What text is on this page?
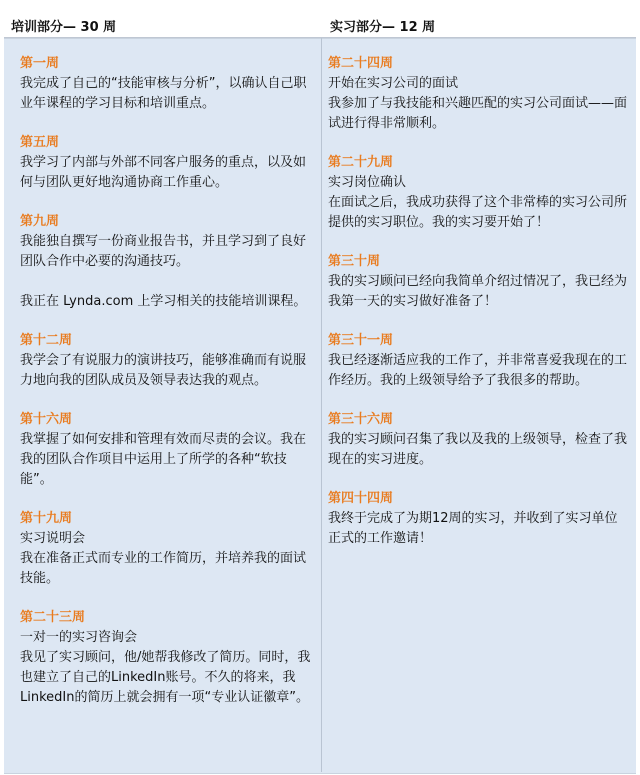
培训部分— 30 周	实习部分— 12 周
第一周
我完成了自己的“技能审核与分析”，以确认自己职业年课程的学习目标和培训重点。
第五周
我学习了内部与外部不同客户服务的重点，以及如何与团队更好地沟通协商工作重心。
第九周
我能独自撰写一份商业报告书，并且学习到了良好团队合作中必要的沟通技巧。
我正在 Lynda.com 上学习相关的技能培训课程。
第十二周
我学会了有说服力的演讲技巧，能够准确而有说服力地向我的团队成员及领导表达我的观点。
第十六周
我掌握了如何安排和管理有效而尽责的会议。我在我的团队合作项目中运用上了所学的各种“软技能”。
第十九周
实习说明会
我在准备正式而专业的工作简历，并培养我的面试技能。
第二十三周
一对一的实习咨询会
我见了实习顾问，他/她帮我修改了简历。同时，我也建立了自己的LinkedIn账号。不久的将来，我LinkedIn的简历上就会拥有一项“专业认证徽章”。
第二十四周
开始在实习公司的面试
我参加了与我技能和兴趣匹配的实习公司面试——面试进行得非常顺利。
第二十九周
实习岗位确认
在面试之后，我成功获得了这个非常棒的实习公司所提供的实习职位。我的实习要开始了！
第三十周
我的实习顾问已经向我简单介绍过情况了，我已经为我第一天的实习做好准备了！
第三十一周
我已经逐渐适应我的工作了，并非常喜爱我现在的工作经历。我的上级领导给予了我很多的帮助。
第三十六周
我的实习顾问召集了我以及我的上级领导，检查了我现在的实习进度。
第四十四周
我终于完成了为期12周的实习，并收到了实习单位正式的工作邀请！
